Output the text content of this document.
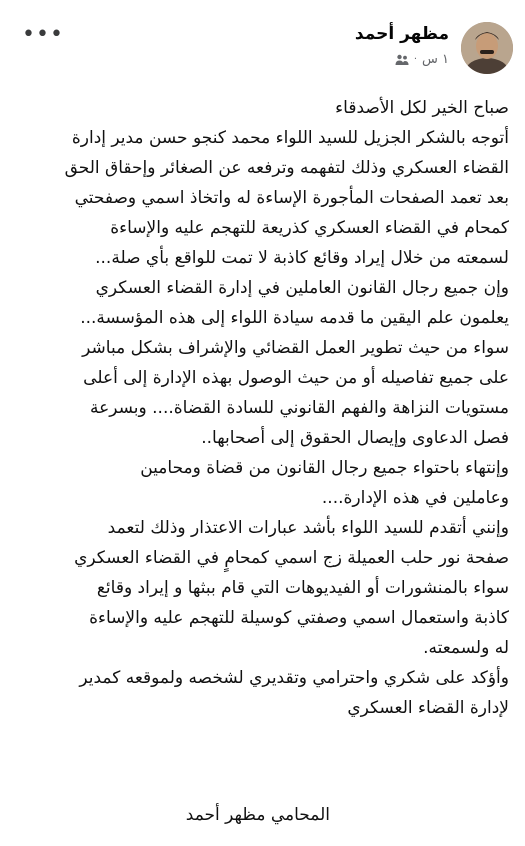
مظهر أحمد
١ س
·
•••
صباح الخير لكل الأصدقاء
أتوجه بالشكر الجزيل للسيد اللواء محمد كنجو حسن مدير إدارة
القضاء العسكري وذلك لتفهمه وترفعه عن الصغائر وإحقاق الحق
بعد تعمد الصفحات المأجورة الإساءة له واتخاذ اسمي وصفحتي
كمحام في القضاء العسكري كذريعة للتهجم عليه والإساءة
لسمعته من خلال إيراد وقائع كاذبة لا تمت للواقع بأي صلة...
وإن جميع رجال القانون العاملين في إدارة القضاء العسكري
يعلمون علم اليقين ما قدمه سيادة اللواء إلى هذه المؤسسة...
سواء من حيث تطوير العمل القضائي والإشراف بشكل مباشر
على جميع تفاصيله أو من حيث الوصول بهذه الإدارة إلى أعلى
مستويات النزاهة والفهم القانوني للسادة القضاة.... وبسرعة
فصل الدعاوى وإيصال الحقوق إلى أصحابها..
وإنتهاء باحتواء جميع رجال القانون من قضاة ومحامين
وعاملين في هذه الإدارة....
وإنني أتقدم للسيد اللواء بأشد عبارات الاعتذار وذلك لتعمد
صفحة نور حلب العميلة زج اسمي كمحامٍ في القضاء العسكري
سواء بالمنشورات أو الفيديوهات التي قام ببثها و إيراد وقائع
كاذبة واستعمال اسمي وصفتي كوسيلة للتهجم عليه والإساءة
له ولسمعته.
وأؤكد على شكري واحترامي وتقديري لشخصه ولموقعه كمدير
لإدارة القضاء العسكري
المحامي مظهر أحمد
